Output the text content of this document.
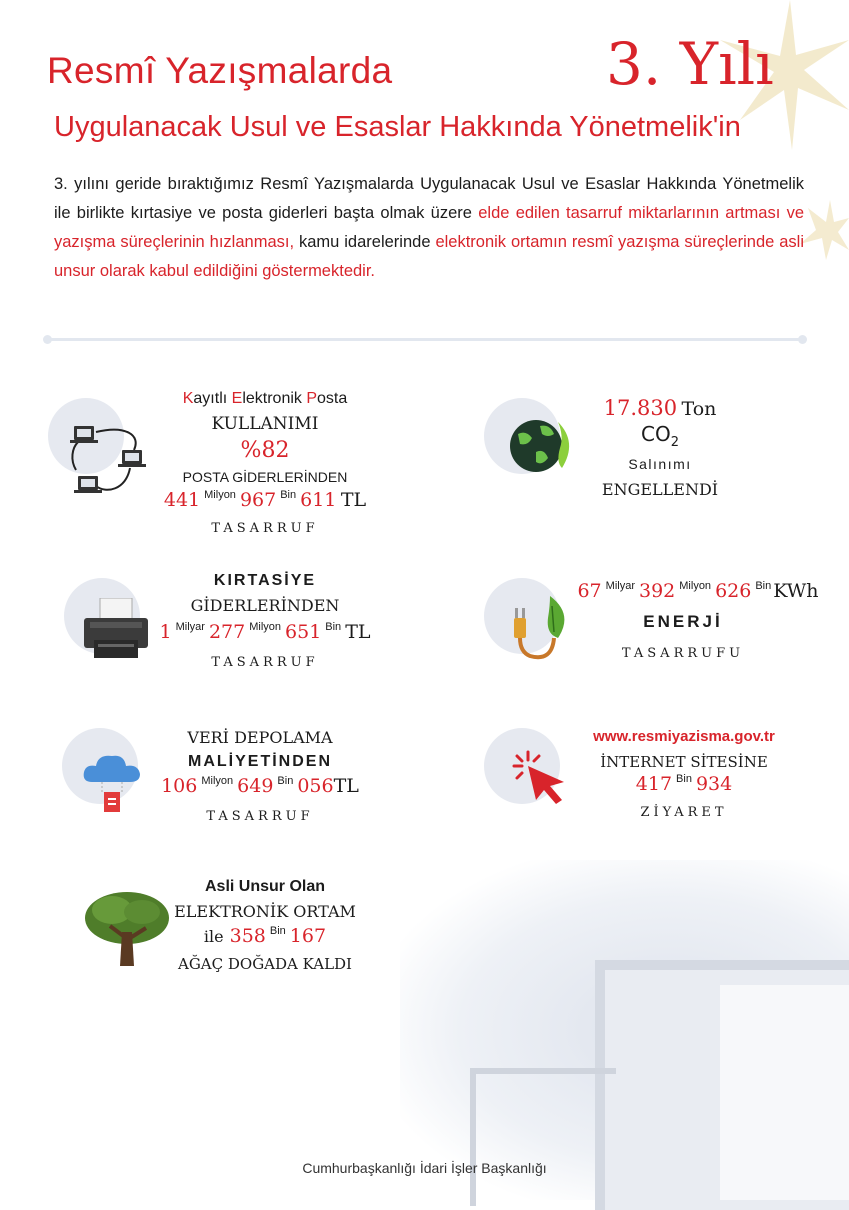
Resmî Yazışmalarda	3. Yılı
Uygulanacak Usul ve Esaslar Hakkında Yönetmelik'in
3. yılını geride bıraktığımız Resmî Yazışmalarda Uygulanacak Usul ve Esaslar Hakkında Yönetmelik ile birlikte kırtasiye ve posta giderleri başta olmak üzere elde edilen tasarruf miktarlarının artması ve yazışma süreçlerinin hızlanması, kamu idarelerinde elektronik ortamın resmî yazışma süreçlerinde asli unsur olarak kabul edildiğini göstermektedir.
Kayıtlı Elektronik Posta
KULLANIMI
%82
POSTA GİDERLERİNDEN
441 $^{Milyon}$ 967 $^{Bin}$ 611 TL
TASARRUF
17.830 Ton
$CO_2$
Salınımı
ENGELLENDİ
KIRTASİYE
GİDERLERİNDEN
1 $^{Milyar}$ 277 $^{Milyon}$ 651 $^{Bin}$ TL
TASARRUF
67 $^{Milyar}$ 392 $^{Milyon}$ 626 $^{Bin}$ KWh
ENERJİ
TASARRUFU
VERİ DEPOLAMA
MALİYETİNDEN
106 $^{Milyon}$ 649 $^{Bin}$ 056TL
TASARRUF
www.resmiyazisma.gov.tr
İNTERNET SİTESİNE
417 $^{Bin}$ 934
ZİYARET
Asli Unsur Olan
ELEKTRONİK ORTAM
ile 358 $^{Bin}$ 167
AĞAÇ DOĞADA KALDI
Cumhurbaşkanlığı İdari İşler Başkanlığı
